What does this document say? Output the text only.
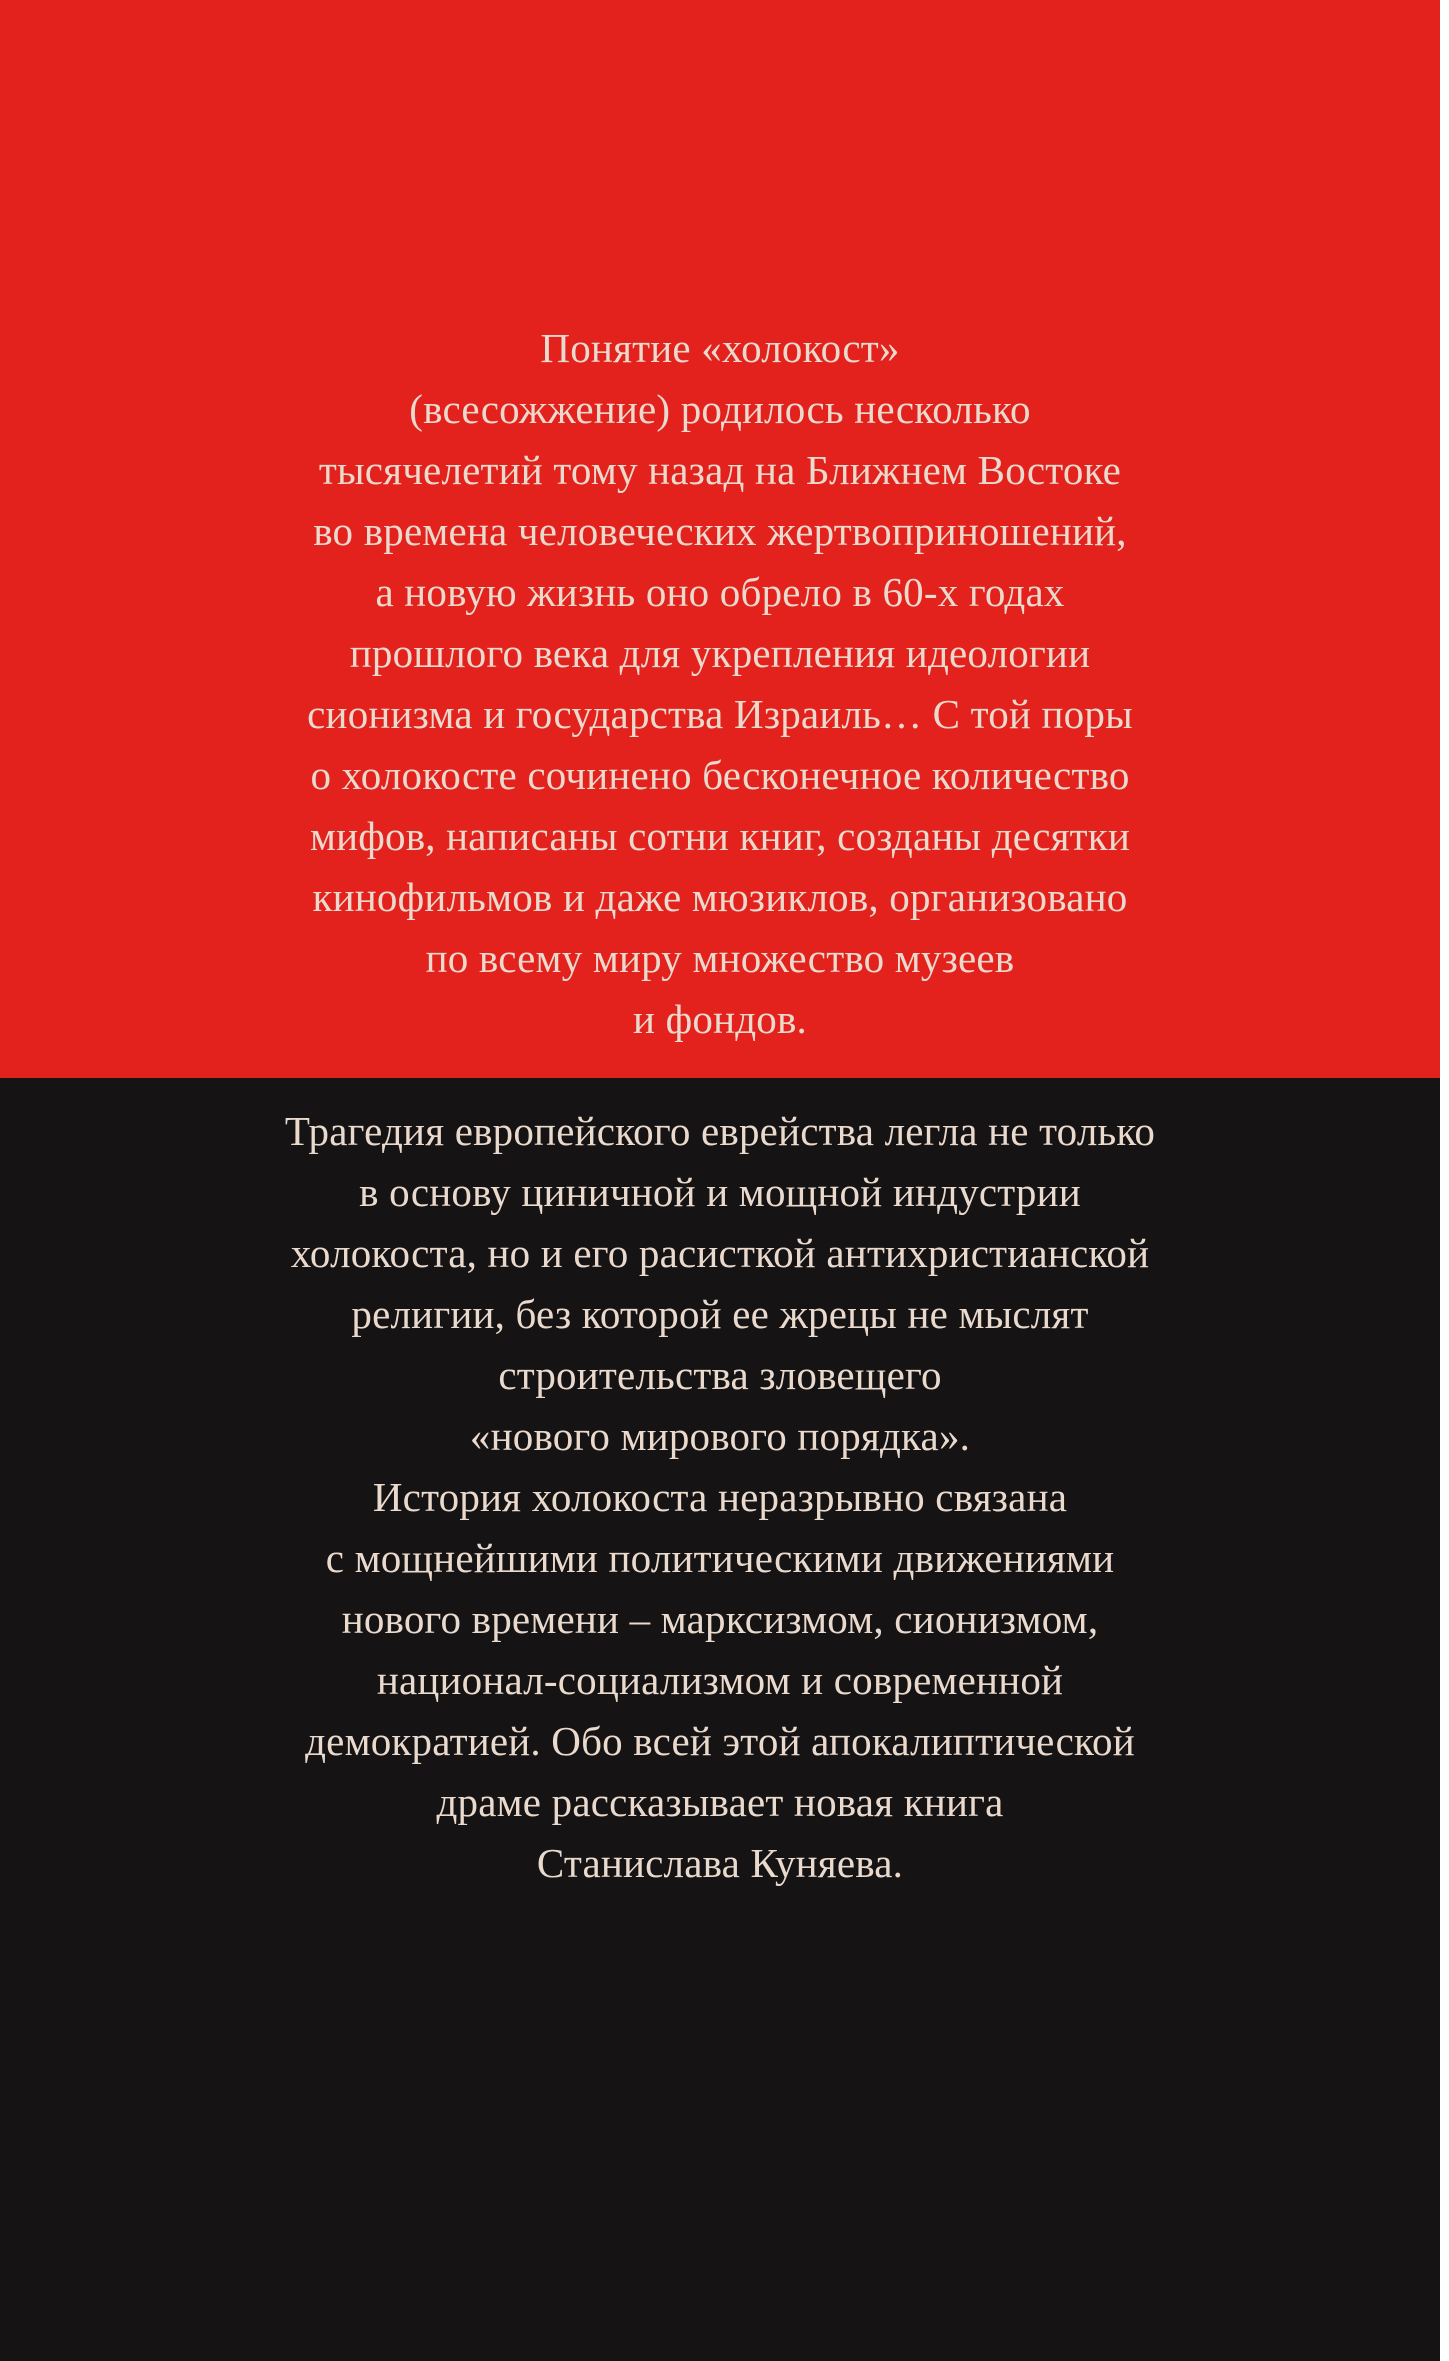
Понятие «холокост»
(всесожжение) родилось несколько
тысячелетий тому назад на Ближнем Востоке
во времена человеческих жертвоприношений,
а новую жизнь оно обрело в 60-х годах
прошлого века для укрепления идеологии
сионизма и государства Израиль… С той поры
о холокосте сочинено бесконечное количество
мифов, написаны сотни книг, созданы десятки
кинофильмов и даже мюзиклов, организовано
по всему миру множество музеев
и фондов.

Трагедия европейского еврейства легла не только
в основу циничной и мощной индустрии
холокоста, но и его расисткой антихристианской
религии, без которой ее жрецы не мыслят
строительства зловещего
«нового мирового порядка».

История холокоста неразрывно связана
с мощнейшими политическими движениями
нового времени – марксизмом, сионизмом,
национал-социализмом и современной
демократией. Обо всей этой апокалиптической
драме рассказывает новая книга
Станислава Куняева.
